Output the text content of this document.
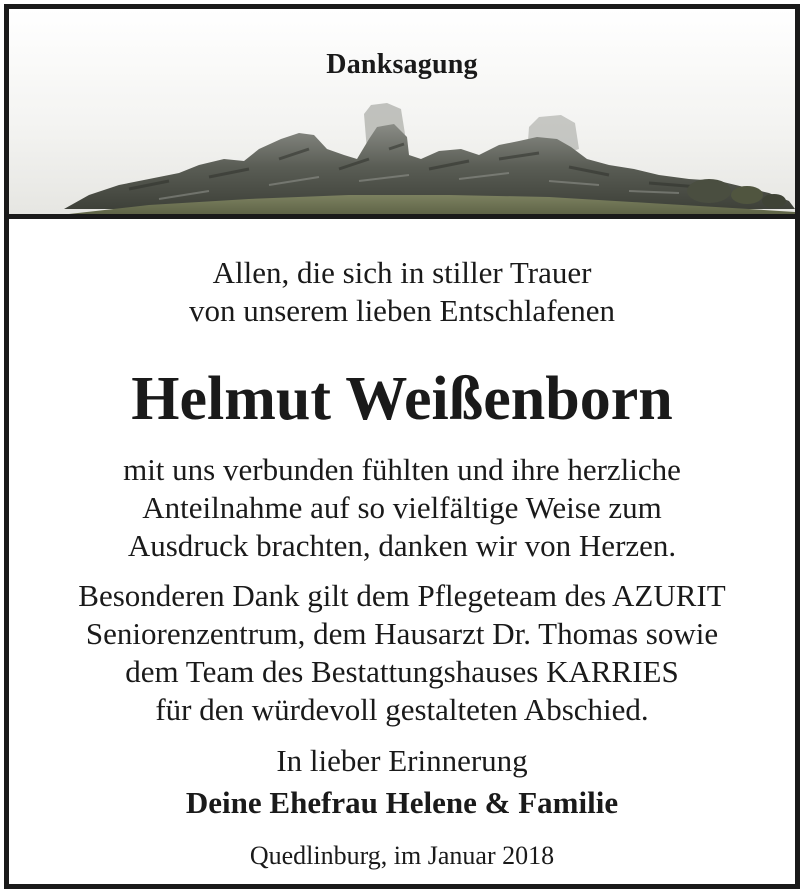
Danksagung
Allen, die sich in stiller Trauer
von unserem lieben Entschlafenen
Helmut Weißenborn
mit uns verbunden fühlten und ihre herzliche
Anteilnahme auf so vielfältige Weise zum
Ausdruck brachten, danken wir von Herzen.
Besonderen Dank gilt dem Pflegeteam des AZURIT
Seniorenzentrum, dem Hausarzt Dr. Thomas sowie
dem Team des Bestattungshauses KARRIES
für den würdevoll gestalteten Abschied.
In lieber Erinnerung
Deine Ehefrau Helene & Familie
Quedlinburg, im Januar 2018
